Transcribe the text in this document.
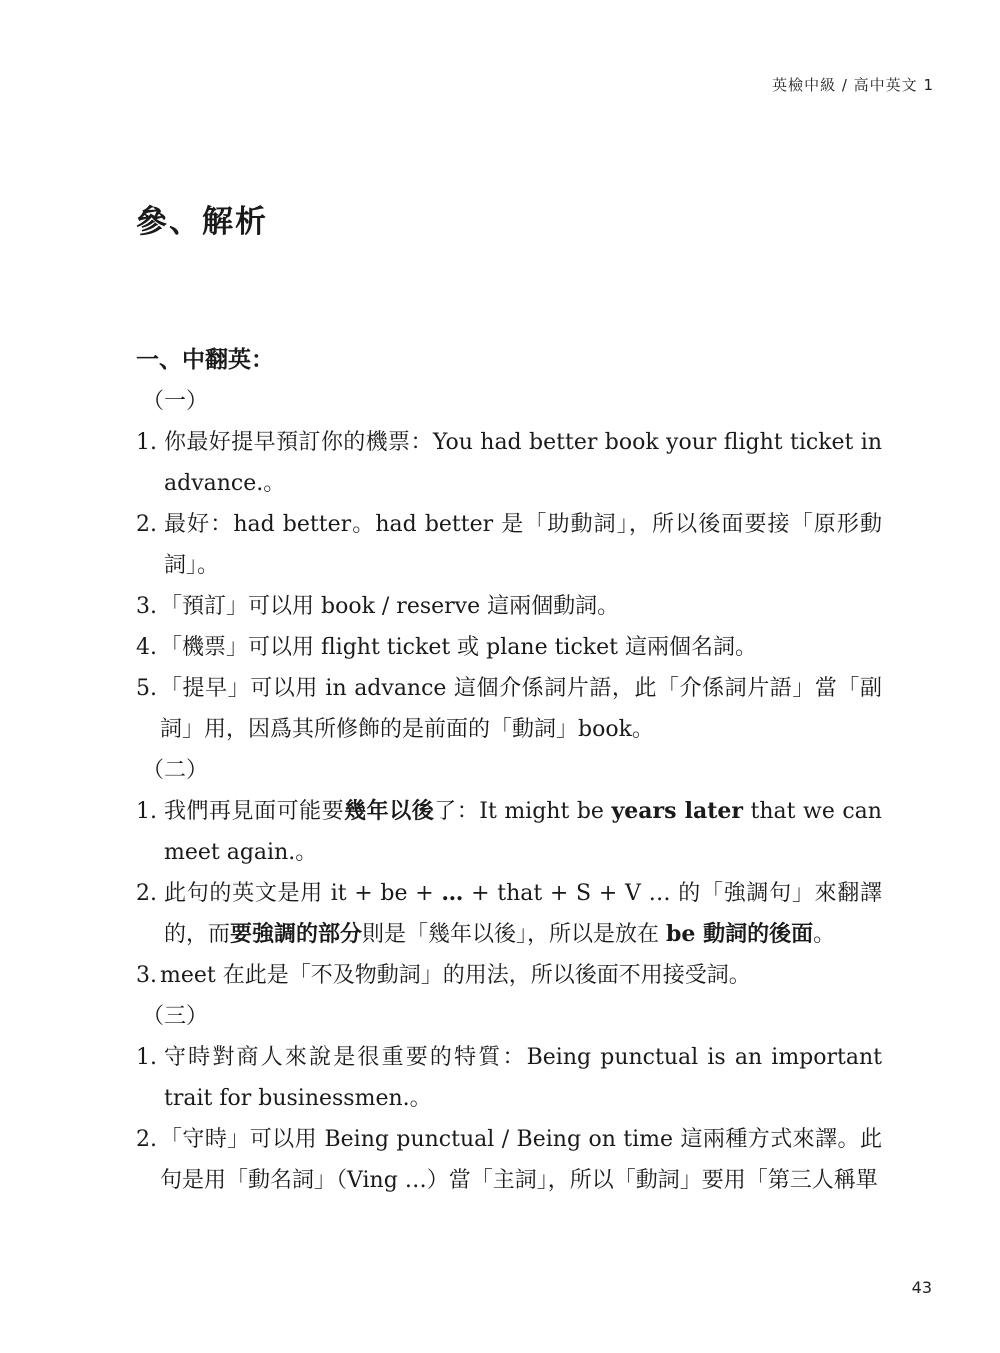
英檢中級 / 高中英文 1
參、解析
一、中翻英：
（一）
1. 你最好提早預訂你的機票：You had better book your flight ticket in advance.。
2. 最好：had better。had better 是「助動詞」，所以後面要接「原形動詞」。
3. 「預訂」可以用 book / reserve 這兩個動詞。
4. 「機票」可以用 flight ticket 或 plane ticket 這兩個名詞。
5. 「提早」可以用 in advance 這個介係詞片語，此「介係詞片語」當「副詞」用，因爲其所修飾的是前面的「動詞」book。
（二）
1. 我們再見面可能要幾年以後了：It might be years later that we can meet again.。
2. 此句的英文是用 it + be + … + that + S + V … 的「強調句」來翻譯的，而要強調的部分則是「幾年以後」，所以是放在 be 動詞的後面。
3. meet 在此是「不及物動詞」的用法，所以後面不用接受詞。
（三）
1. 守時對商人來說是很重要的特質：Being punctual is an important trait for businessmen.。
2. 「守時」可以用 Being punctual / Being on time 這兩種方式來譯。此句是用「動名詞」（Ving …）當「主詞」，所以「動詞」要用「第三人稱單
43
